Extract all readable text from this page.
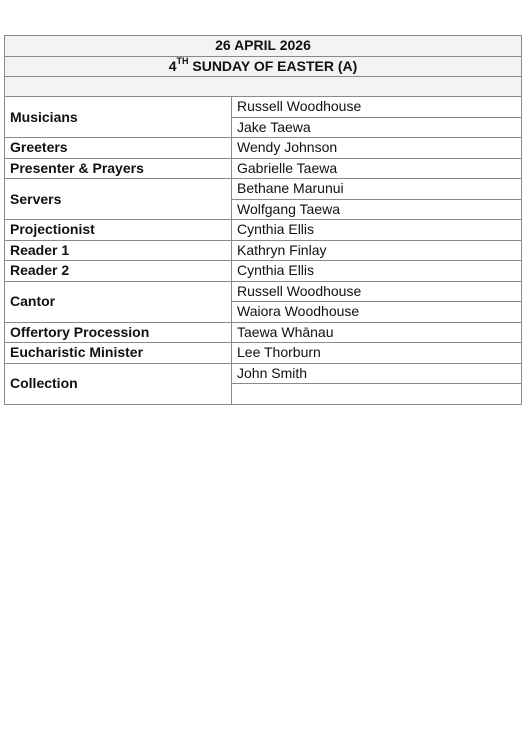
26 APRIL 2026	
4TH SUNDAY OF EASTER (A)	

Musicians	Russell Woodhouse
	Jake Taewa
Greeters	Wendy Johnson
Presenter & Prayers	Gabrielle Taewa
Servers	Bethane Marunui
	Wolfgang Taewa
Projectionist	Cynthia Ellis
Reader 1	Kathryn Finlay
Reader 2	Cynthia Ellis
Cantor	Russell Woodhouse
	Waiora Woodhouse
Offertory Procession	Taewa Whānau
Eucharistic Minister	Lee Thorburn
Collection	John Smith
